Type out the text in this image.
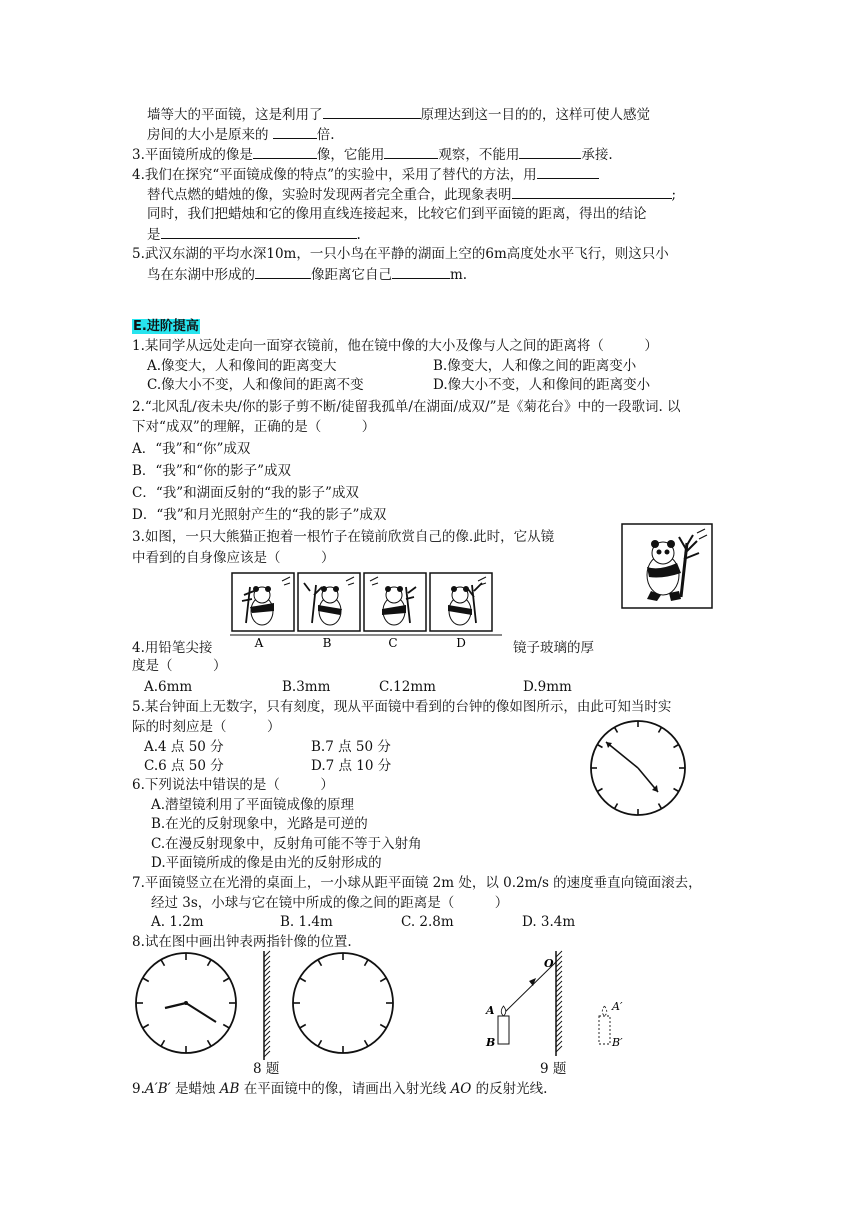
墙等大的平面镜，这是利用了	原理达到这一目的的，这样可使人感觉
房间的大小是原来的	倍.
3.平面镜所成的像是	像，它能用	观察，不能用	承接.
4.我们在探究“平面镜成像的特点”的实验中，采用了替代的方法，用
替代点燃的蜡烛的像，实验时发现两者完全重合，此现象表明	;
同时，我们把蜡烛和它的像用直线连接起来，比较它们到平面镜的距离，得出的结论
是	.
5.武汉东湖的平均水深10m，一只小鸟在平静的湖面上空的6m高度处水平飞行，则这只小
鸟在东湖中形成的	像距离它自己	m.
E.进阶提高
1.某同学从远处走向一面穿衣镜前，他在镜中像的大小及像与人之间的距离将（　　　）
A.像变大，人和像间的距离变大	B.像变大，人和像之间的距离变小
C.像大小不变，人和像间的距离不变	D.像大小不变，人和像间的距离变小
2.“北风乱/夜未央/你的影子剪不断/徒留我孤单/在湖面/成双/”是《菊花台》中的一段歌词. 以
下对“成双”的理解，正确的是（　　　）
A．“我”和“你”成双
B．“我”和“你的影子”成双
C．“我”和湖面反射的“我的影子”成双
D．“我”和月光照射产生的“我的影子”成双
3.如图，一只大熊猫正抱着一根竹子在镜前欣赏自己的像.此时，它从镜
中看到的自身像应该是（　　　）
A	B	C	D
4.用铅笔尖接	镜子玻璃的厚
度是（　　　）
A.6mm	B.3mm	C.12mm	D.9mm
5.某台钟面上无数字，只有刻度，现从平面镜中看到的台钟的像如图所示，由此可知当时实
际的时刻应是（　　　）
A.4 点 50 分	B.7 点 50 分
C.6 点 50 分	D.7 点 10 分
6.下列说法中错误的是（　　　）
A.潜望镜利用了平面镜成像的原理
B.在光的反射现象中，光路是可逆的
C.在漫反射现象中，反射角可能不等于入射角
D.平面镜所成的像是由光的反射形成的
7.平面镜竖立在光滑的桌面上，一小球从距平面镜 2m 处，以 0.2m/s 的速度垂直向镜面滚去，
经过 3s，小球与它在镜中所成的像之间的距离是（　　　）
A. 1.2m	B. 1.4m	C. 2.8m	D. 3.4m
8.试在图中画出钟表两指针像的位置.
O
A
B
A′
B′
8 题	9 题
9.A′B′ 是蜡烛 AB 在平面镜中的像，请画出入射光线 AO 的反射光线.
